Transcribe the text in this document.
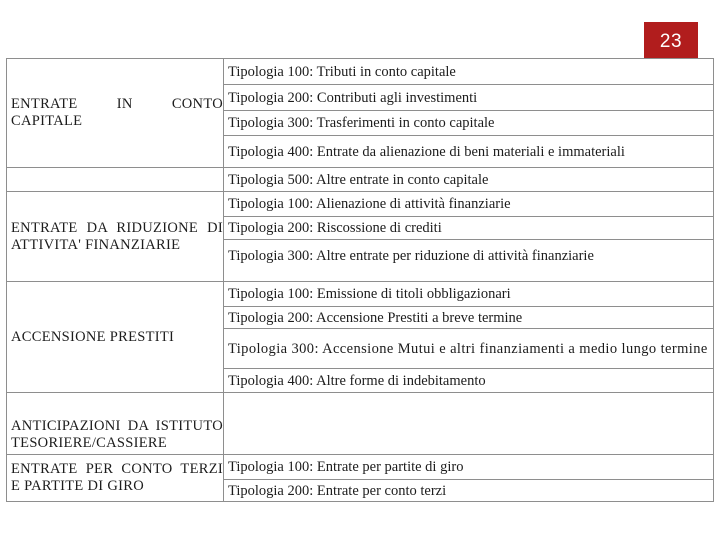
23
ENTRATE IN CONTO CAPITALE	Tipologia 100: Tributi in conto capitale
	Tipologia 200: Contributi agli investimenti
	Tipologia 300: Trasferimenti in conto capitale
	Tipologia 400: Entrate da alienazione di beni materiali e immateriali
	Tipologia 500: Altre entrate in conto capitale

ENTRATE DA RIDUZIONE DI ATTIVITA' FINANZIARIE	Tipologia 100: Alienazione di attività finanziarie
	Tipologia 200: Riscossione di crediti
	Tipologia 300: Altre entrate per riduzione di attività finanziarie

ACCENSIONE PRESTITI	Tipologia 100: Emissione di titoli obbligazionari
	Tipologia 200: Accensione Prestiti a breve termine
	Tipologia 300: Accensione Mutui e altri finanziamenti a medio lungo termine
	Tipologia 400: Altre forme di indebitamento

ANTICIPAZIONI DA ISTITUTO TESORIERE/CASSIERE	

ENTRATE PER CONTO TERZI E PARTITE DI GIRO	Tipologia 100: Entrate per partite di giro
	Tipologia 200: Entrate per conto terzi
